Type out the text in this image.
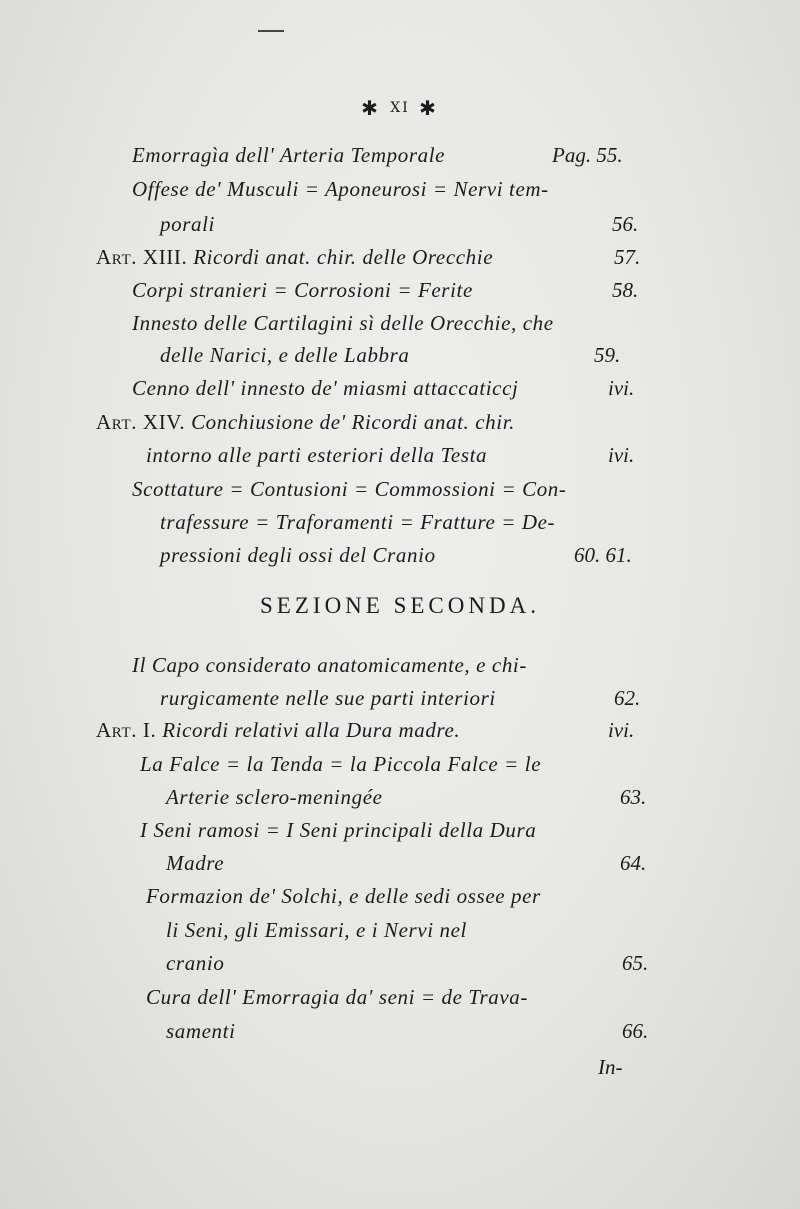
✱ XI ✱
Emorragìa dell' Arteria Temporale	Pag. 55.
Offese de' Musculi = Aponeurosi = Nervi tem-
porali	56.
Art. XIII. Ricordi anat. chir. delle Orecchie	57.
Corpi stranieri = Corrosioni = Ferite	58.
Innesto delle Cartilagini sì delle Orecchie, che
delle Narici, e delle Labbra	59.
Cenno dell' innesto de' miasmi attaccaticcj	ivi.
Art. XIV. Conchiusione de' Ricordi anat. chir.
intorno alle parti esteriori della Testa	ivi.
Scottature = Contusioni = Commossioni = Con-
trafessure = Traforamenti = Fratture = De-
pressioni degli ossi del Cranio	60. 61.
SEZIONE SECONDA.
Il Capo considerato anatomicamente, e chi-
rurgicamente nelle sue parti interiori	62.
Art. I. Ricordi relativi alla Dura madre.	ivi.
La Falce = la Tenda = la Piccola Falce = le
Arterie sclero-meningée	63.
I Seni ramosi = I Seni principali della Dura
Madre	64.
Formazion de' Solchi, e delle sedi ossee per
li Seni, gli Emissari, e i Nervi nel
cranio	65.
Cura dell' Emorragia da' seni = de Trava-
samenti	66.
In-
